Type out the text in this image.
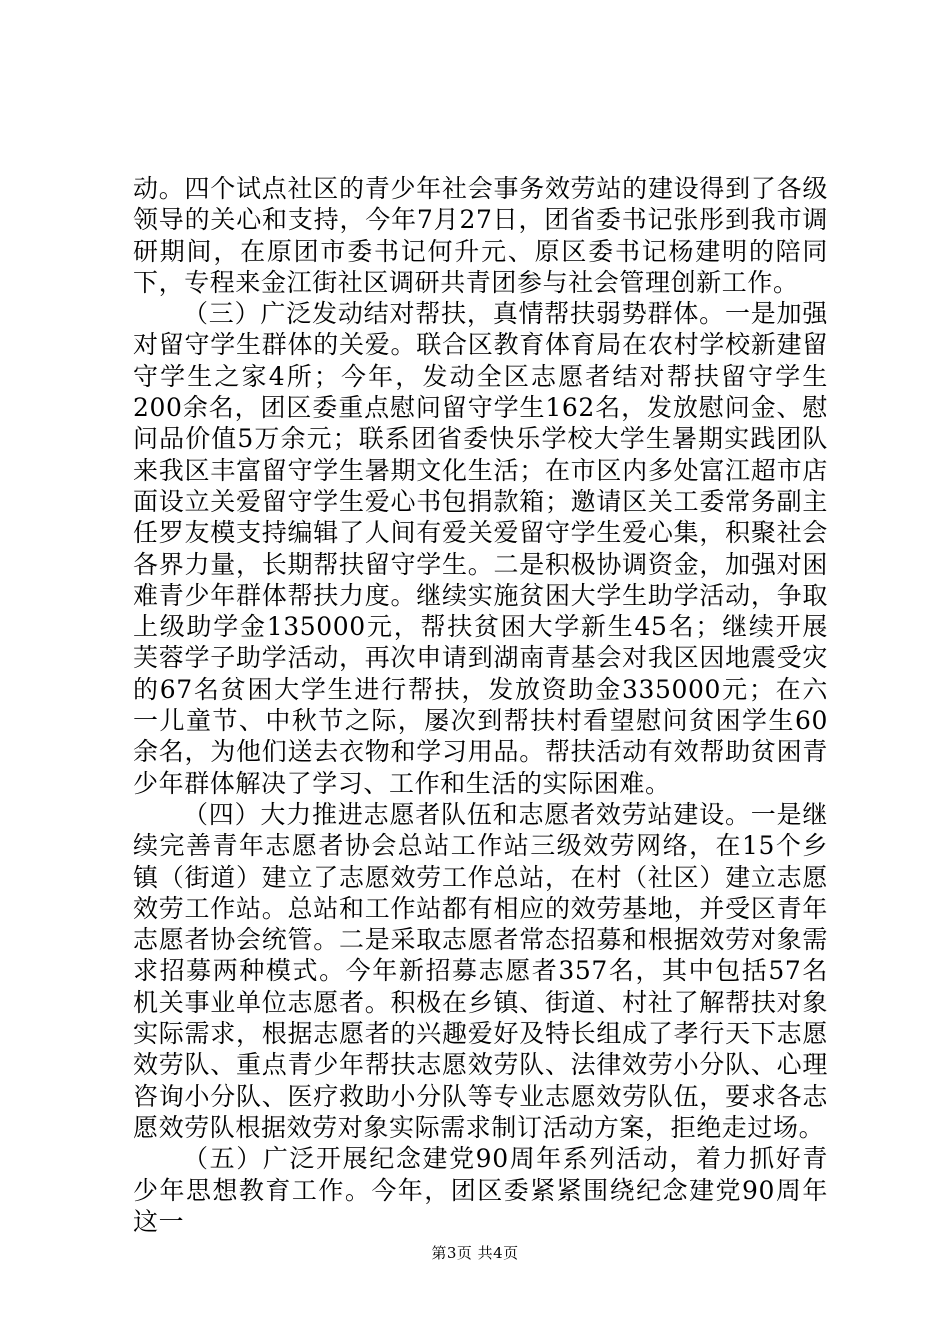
动。四个试点社区的青少年社会事务效劳站的建设得到了各级领导的关心和支持，今年7月27日，团省委书记张彤到我市调研期间，在原团市委书记何升元、原区委书记杨建明的陪同下，专程来金江街社区调研共青团参与社会管理创新工作。

（三）广泛发动结对帮扶，真情帮扶弱势群体。一是加强对留守学生群体的关爱。联合区教育体育局在农村学校新建留守学生之家4所；今年，发动全区志愿者结对帮扶留守学生200余名，团区委重点慰问留守学生162名，发放慰问金、慰问品价值5万余元；联系团省委快乐学校大学生暑期实践团队来我区丰富留守学生暑期文化生活；在市区内多处富江超市店面设立关爱留守学生爱心书包捐款箱；邀请区关工委常务副主任罗友模支持编辑了人间有爱关爱留守学生爱心集，积聚社会各界力量，长期帮扶留守学生。二是积极协调资金，加强对困难青少年群体帮扶力度。继续实施贫困大学生助学活动，争取上级助学金135000元，帮扶贫困大学新生45名；继续开展芙蓉学子助学活动，再次申请到湖南青基会对我区因地震受灾的67名贫困大学生进行帮扶，发放资助金335000元；在六一儿童节、中秋节之际，屡次到帮扶村看望慰问贫困学生60余名，为他们送去衣物和学习用品。帮扶活动有效帮助贫困青少年群体解决了学习、工作和生活的实际困难。

（四）大力推进志愿者队伍和志愿者效劳站建设。一是继续完善青年志愿者协会总站工作站三级效劳网络，在15个乡镇（街道）建立了志愿效劳工作总站，在村（社区）建立志愿效劳工作站。总站和工作站都有相应的效劳基地，并受区青年志愿者协会统管。二是采取志愿者常态招募和根据效劳对象需求招募两种模式。今年新招募志愿者357名，其中包括57名机关事业单位志愿者。积极在乡镇、街道、村社了解帮扶对象实际需求，根据志愿者的兴趣爱好及特长组成了孝行天下志愿效劳队、重点青少年帮扶志愿效劳队、法律效劳小分队、心理咨询小分队、医疗救助小分队等专业志愿效劳队伍，要求各志愿效劳队根据效劳对象实际需求制订活动方案，拒绝走过场。

（五）广泛开展纪念建党90周年系列活动，着力抓好青少年思想教育工作。今年，团区委紧紧围绕纪念建党90周年这一

第3页 共4页
